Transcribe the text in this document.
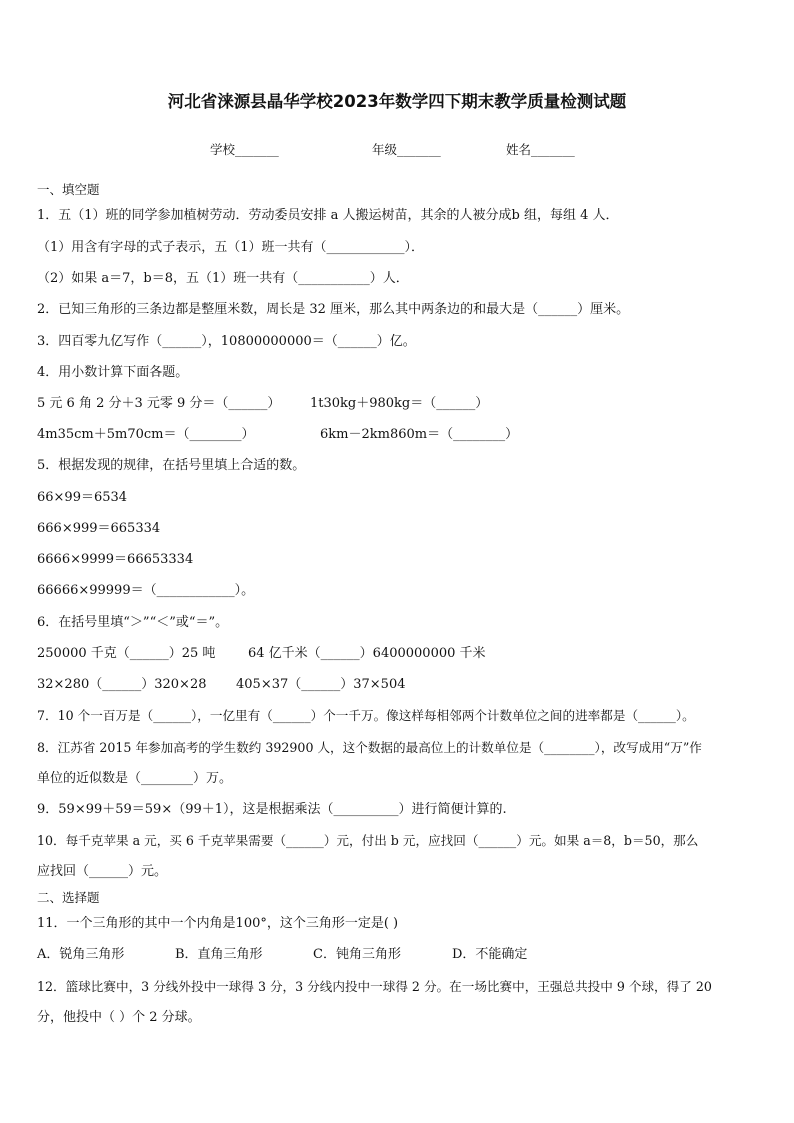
河北省涞源县晶华学校2023年数学四下期末教学质量检测试题
学校_______	年级_______	姓名_______
一、填空题
1．五（1）班的同学参加植树劳动．劳动委员安排 a 人搬运树苗，其余的人被分成b 组，每组 4 人．
（1）用含有字母的式子表示，五（1）班一共有（____________）．
（2）如果 a＝7，b＝8，五（1）班一共有（___________）人．
2．已知三角形的三条边都是整厘米数，周长是 32 厘米，那么其中两条边的和最大是（______）厘米。
3．四百零九亿写作（______），10800000000＝（______）亿。
4．用小数计算下面各题。
5 元 6 角 2 分＋3 元零 9 分＝（______） 1t30kg＋980kg＝（______）
4m35cm＋5m70cm＝（________）	6km－2km860m＝（________）
5．根据发现的规律，在括号里填上合适的数。
66×99＝6534
666×999＝665334
6666×9999＝66653334
66666×99999＝（____________）。
6．在括号里填“＞”“＜”或“＝”。
250000 千克（______）25 吨	64 亿千米（______）6400000000 千米
32×280（______）320×28 405×37（______）37×504
7．10 个一百万是（______），一亿里有（______）个一千万。像这样每相邻两个计数单位之间的进率都是（______）。
8．江苏省 2015 年参加高考的学生数约 392900 人，这个数据的最高位上的计数单位是（________），改写成用“万”作
单位的近似数是（________）万。
9．59×99＋59＝59×（99＋1），这是根据乘法（__________）进行简便计算的.
10．每千克苹果 a 元，买 6 千克苹果需要（______）元，付出 b 元，应找回（______）元。如果 a＝8，b＝50，那么
应找回（______）元。
二、选择题
11．一个三角形的其中一个内角是100°，这个三角形一定是( )
A．锐角三角形	B．直角三角形	C．钝角三角形	D．不能确定
12．篮球比赛中，3 分线外投中一球得 3 分，3 分线内投中一球得 2 分。在一场比赛中，王强总共投中 9 个球，得了 20
分，他投中（ ）个 2 分球。
